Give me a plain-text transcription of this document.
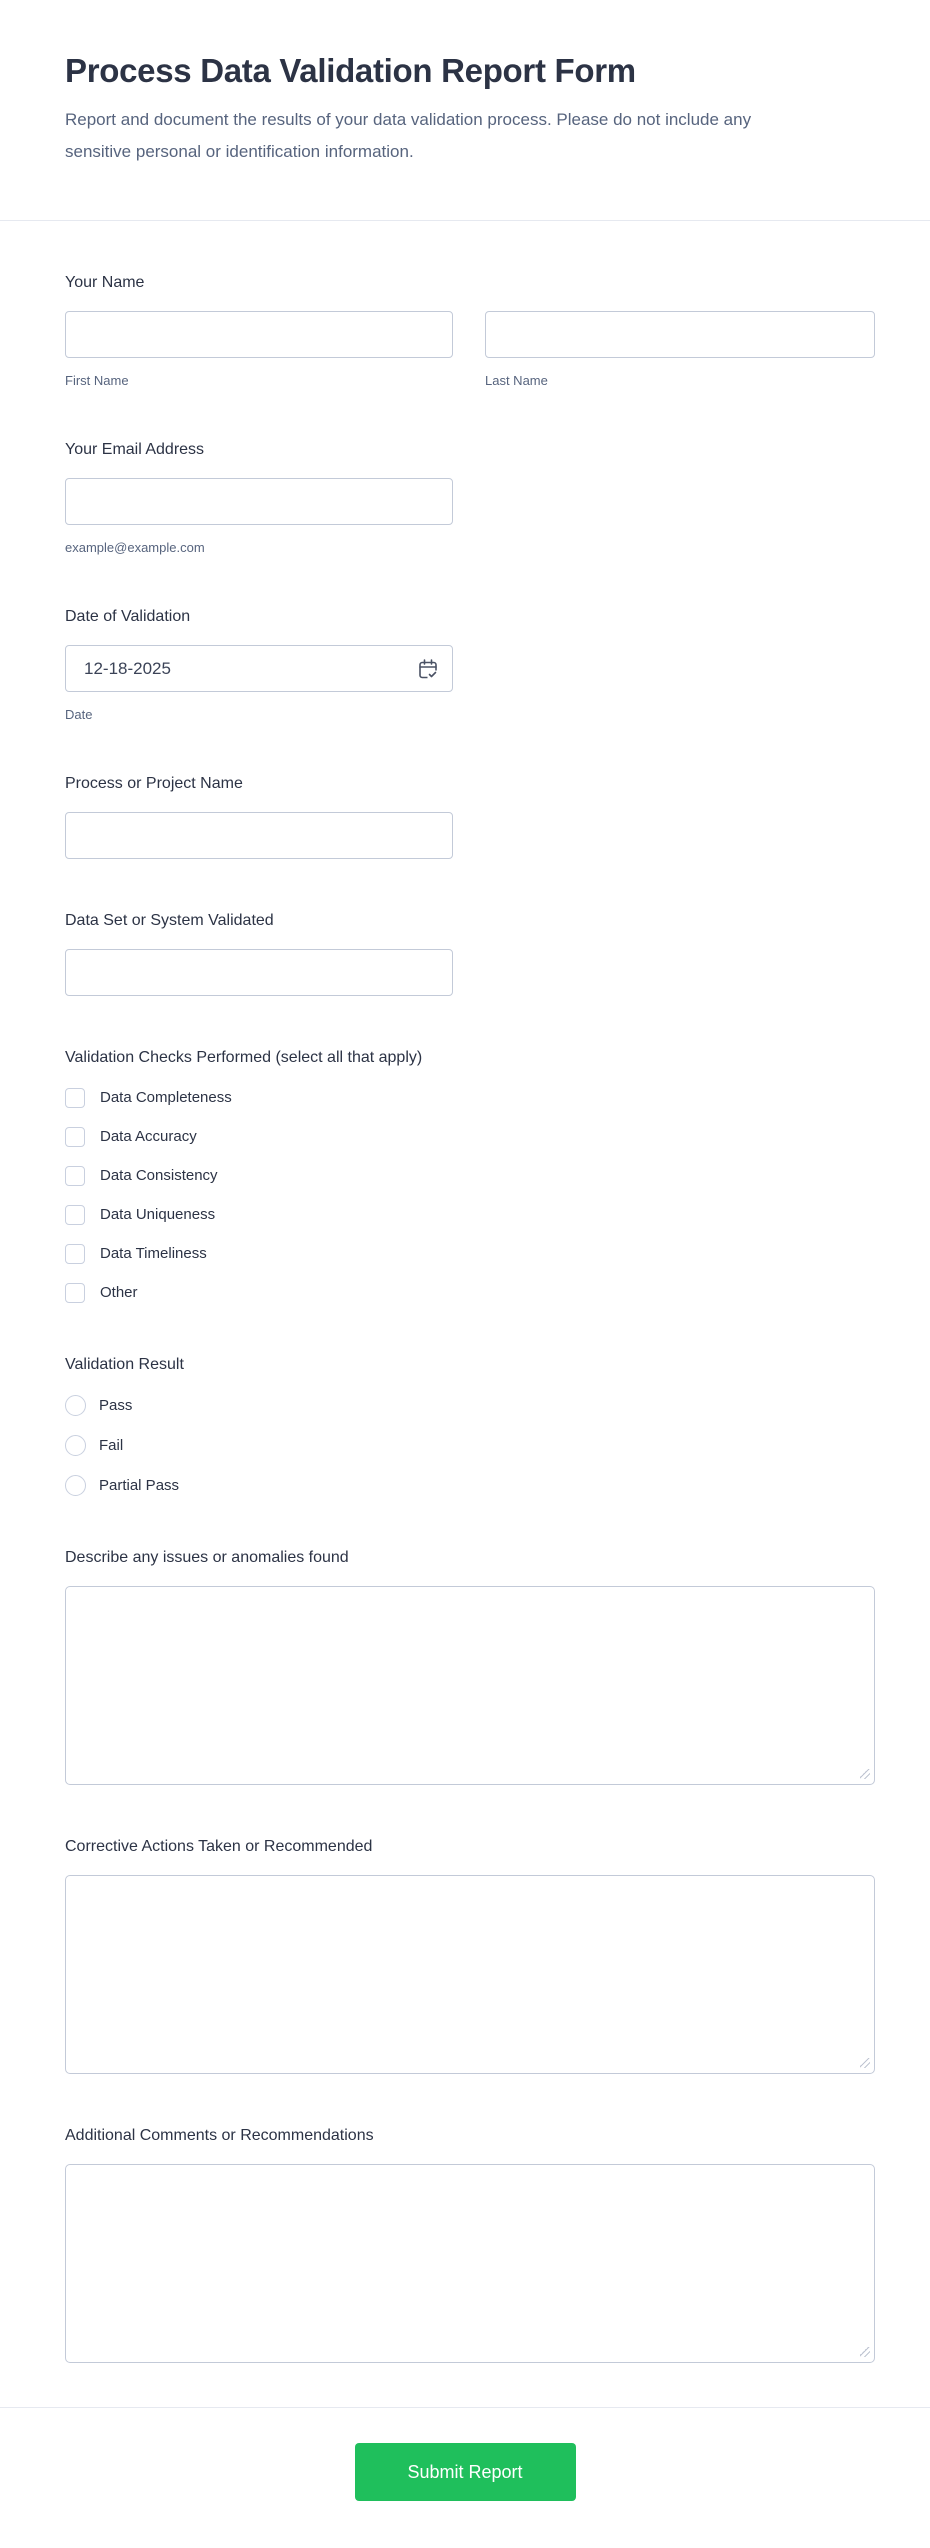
Process Data Validation Report Form

Report and document the results of your data validation process. Please do not include any sensitive personal or identification information.

Your Name
First Name	Last Name
Your Email Address
example@example.com
Date of Validation
12-18-2025
Date
Process or Project Name
Data Set or System Validated
Validation Checks Performed (select all that apply)
Data Completeness
Data Accuracy
Data Consistency
Data Uniqueness
Data Timeliness
Other
Validation Result
Pass
Fail
Partial Pass
Describe any issues or anomalies found
Corrective Actions Taken or Recommended
Additional Comments or Recommendations
Submit Report
